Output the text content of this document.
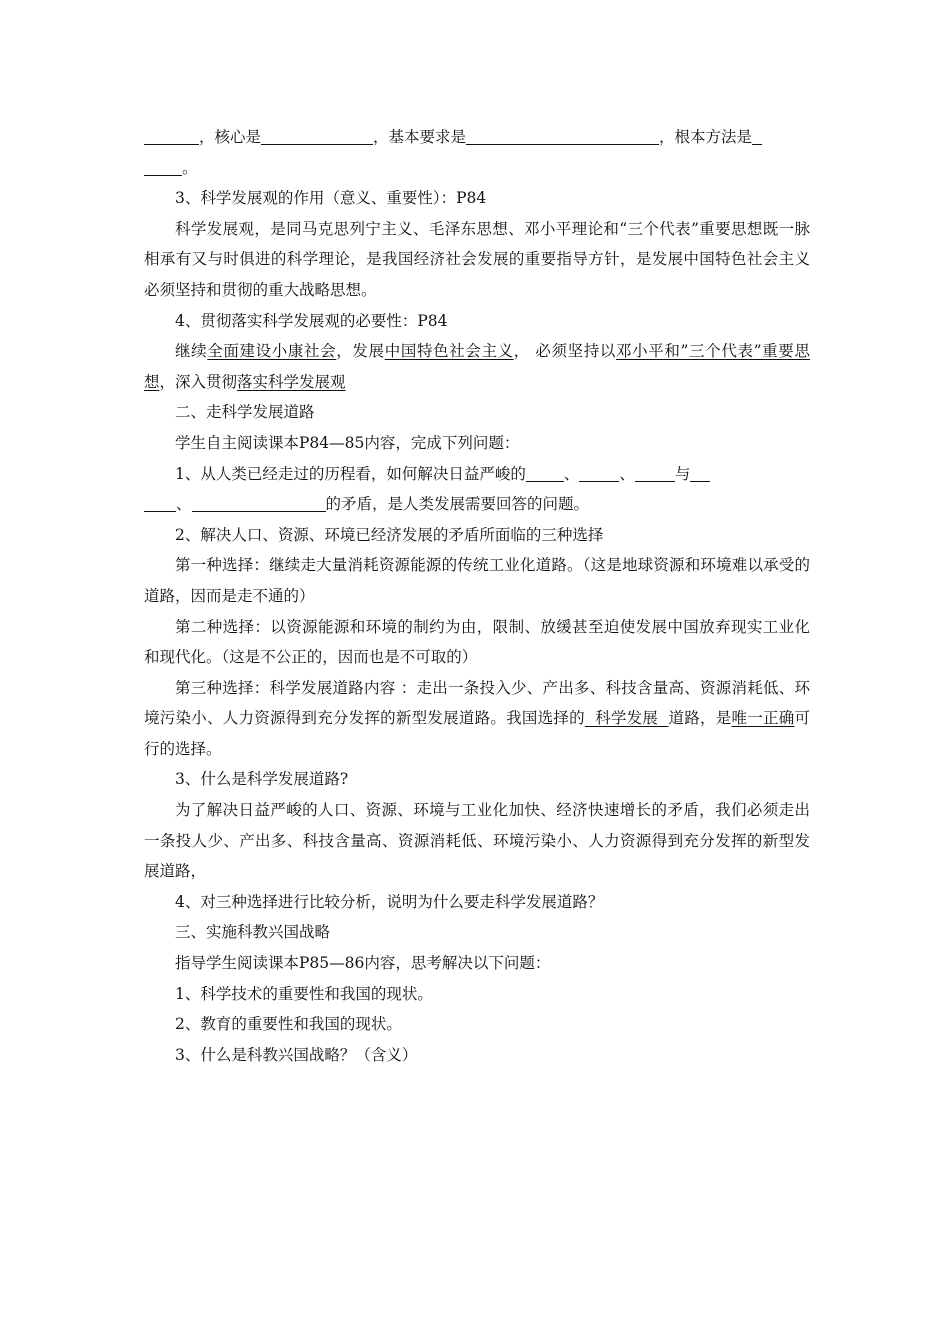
，核心是	，基本要求是	，根本方法是
。

3、科学发展观的作用（意义、重要性）：P84

科学发展观，是同马克思列宁主义、毛泽东思想、邓小平理论和“三个代表”重要思想既一脉相承有又与时俱进的科学理论，是我国经济社会发展的重要指导方针，是发展中国特色社会主义必须坚持和贯彻的重大战略思想。

4、贯彻落实科学发展观的必要性：P84

继续全面建设小康社会，发展中国特色社会主义， 必须坚持以邓小平和”三个代表”重要思想，深入贯彻落实科学发展观

二、走科学发展道路

学生自主阅读课本P84—85内容，完成下列问题：

1、从人类已经走过的历程看，如何解决日益严峻的 、	、	与
、	的矛盾，是人类发展需要回答的问题。

2、解决人口、资源、环境已经济发展的矛盾所面临的三种选择

第一种选择：继续走大量消耗资源能源的传统工业化道路。（这是地球资源和环境难以承受的道路，因而是走不通的）

第二种选择：以资源能源和环境的制约为由，限制、放缓甚至迫使发展中国放弃现实工业化和现代化。（这是不公正的，因而也是不可取的）

第三种选择：科学发展道路内容 ：走出一条投入少、产出多、科技含量高、资源消耗低、环境污染小、人力资源得到充分发挥的新型发展道路。我国选择的  科学发展  道路，是唯一正确可行的选择。

3、什么是科学发展道路?

为了解决日益严峻的人口、资源、环境与工业化加快、经济快速增长的矛盾，我们必须走出一条投人少、产出多、科技含量高、资源消耗低、环境污染小、人力资源得到充分发挥的新型发展道路，

4、对三种选择进行比较分析，说明为什么要走科学发展道路？

三、实施科教兴国战略

指导学生阅读课本P85—86内容，思考解决以下问题：

1、科学技术的重要性和我国的现状。

2、教育的重要性和我国的现状。

3、什么是科教兴国战略？（含义）
